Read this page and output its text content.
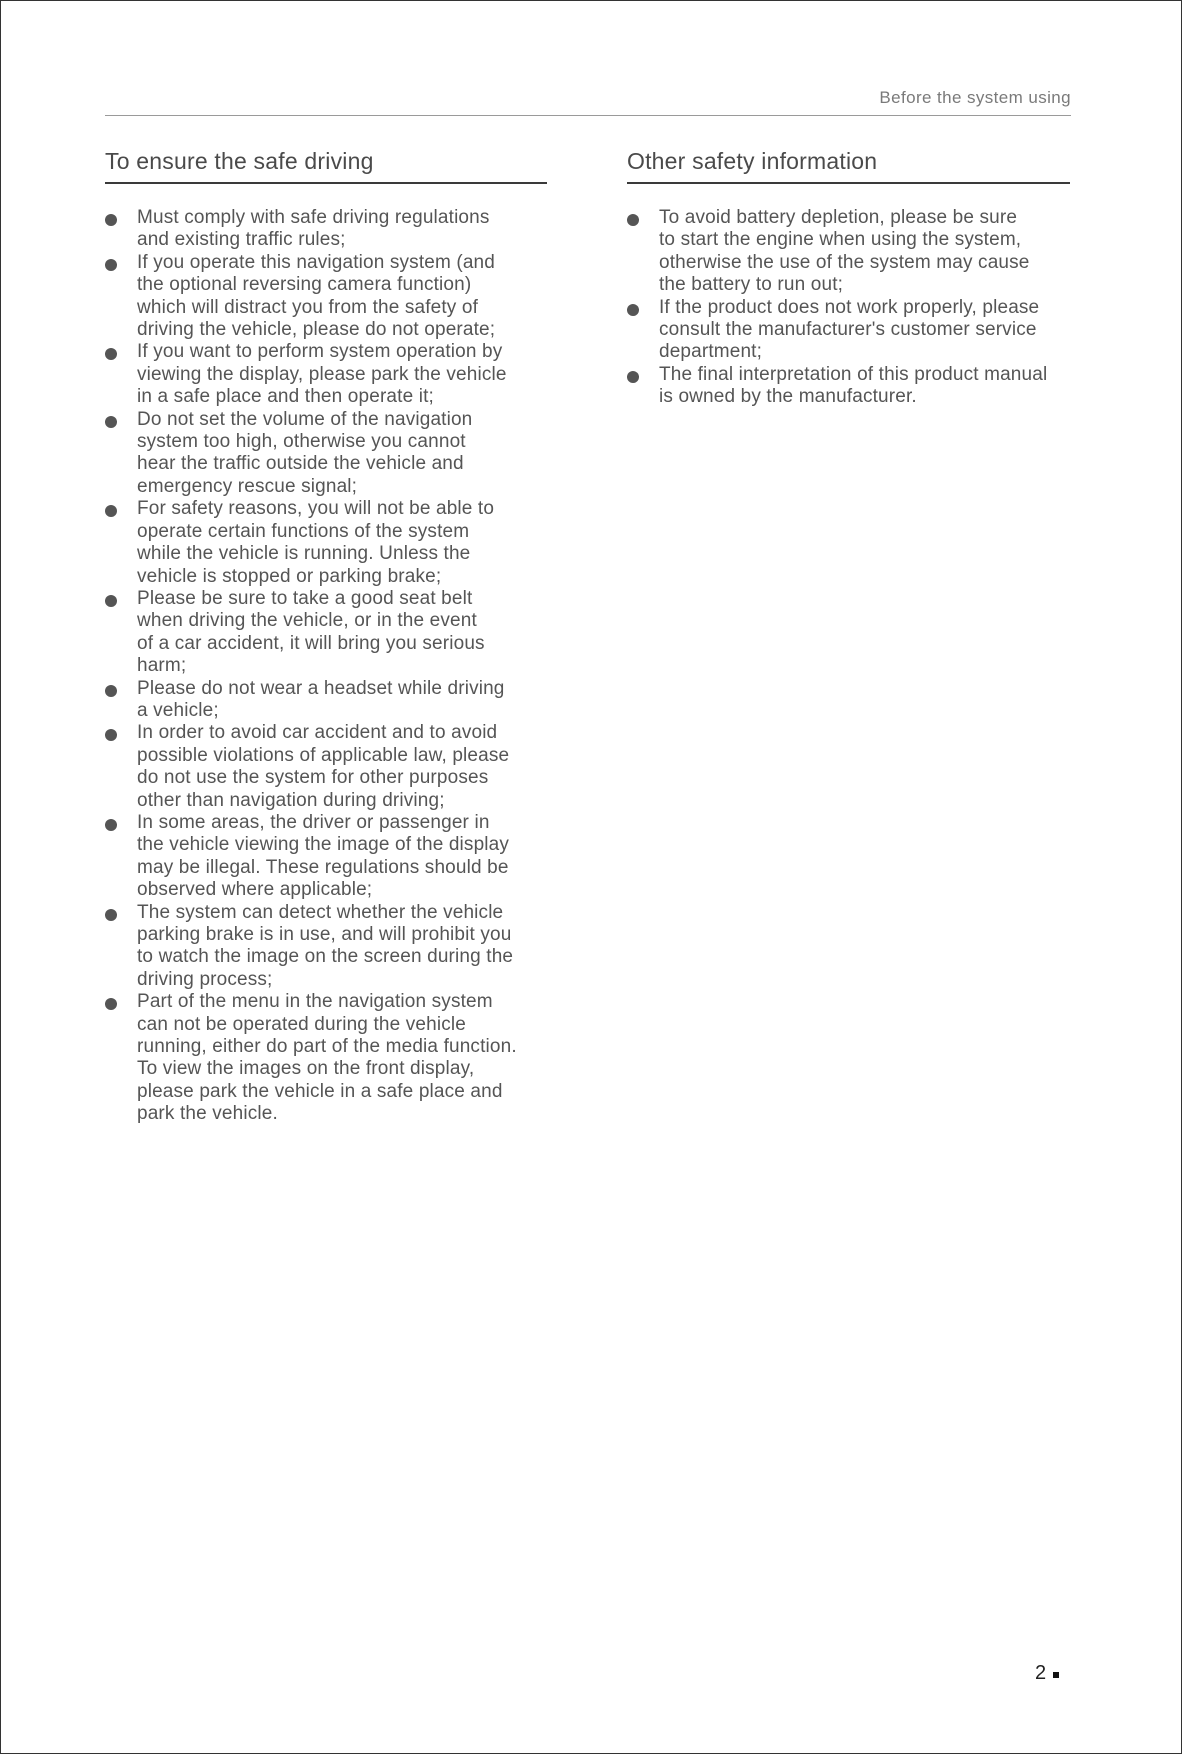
Before the system using
To ensure the safe driving
Must comply with safe driving regulations
and existing traffic rules;
If you operate this navigation system (and
the optional reversing camera function)
which will distract you from the safety of
driving the vehicle, please do not operate;
If you want to perform system operation by
viewing the display, please park the vehicle
in a safe place and then operate it;
Do not set the volume of the navigation
system too high, otherwise you cannot
hear the traffic outside the vehicle and
emergency rescue signal;
For safety reasons, you will not be able to
operate certain functions of the system
while the vehicle is running. Unless the
vehicle is stopped or parking brake;
Please be sure to take a good seat belt
when driving the vehicle, or in the event
of a car accident, it will bring you serious
harm;
Please do not wear a headset while driving
a vehicle;
In order to avoid car accident and to avoid
possible violations of applicable law, please
do not use the system for other purposes
other than navigation during driving;
In some areas, the driver or passenger in
the vehicle viewing the image of the display
may be illegal. These regulations should be
observed where applicable;
The system can detect whether the vehicle
parking brake is in use, and will prohibit you
to watch the image on the screen during the
driving process;
Part of the menu in the navigation system
can not be operated during the vehicle
running, either do part of the media function.
To view the images on the front display,
please park the vehicle in a safe place and
park the vehicle.
Other safety information
To avoid battery depletion, please be sure
to start the engine when using the system,
otherwise the use of the system may cause
the battery to run out;
If the product does not work properly, please
consult the manufacturer's customer service
department;
The final interpretation of this product manual
is owned by the manufacturer.
2
